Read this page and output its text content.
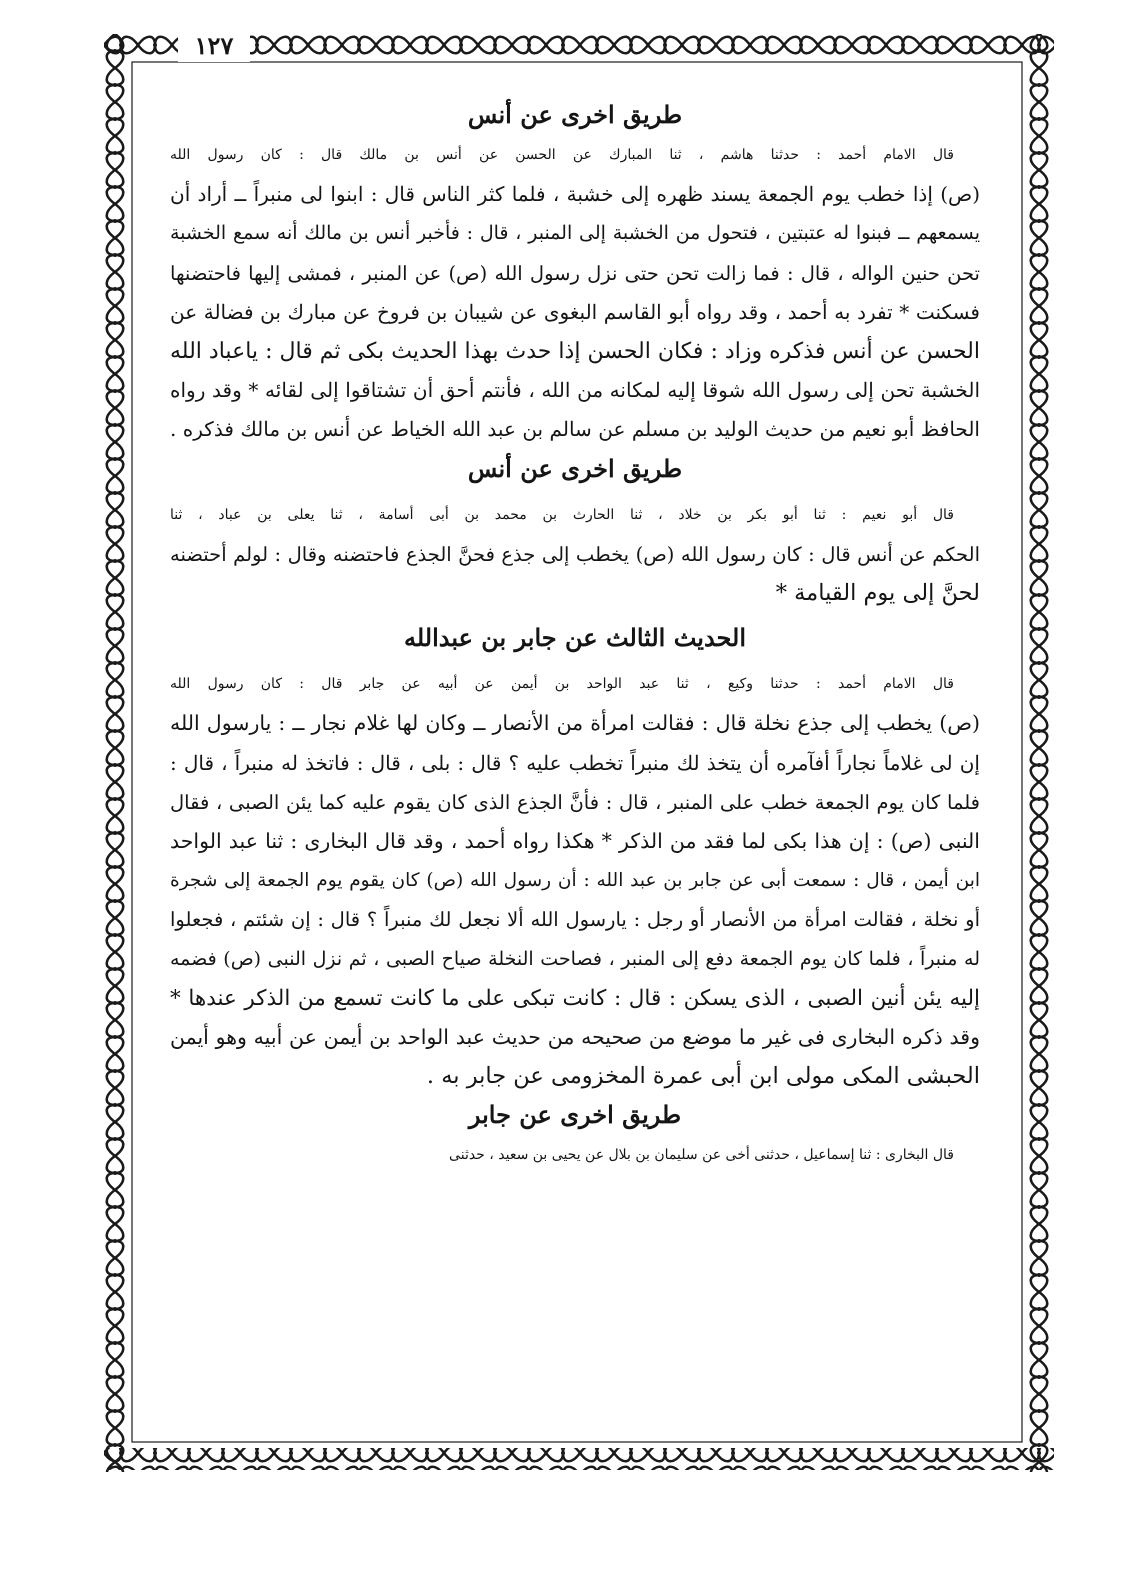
١٢٧
طريق اخرى عن أنس

قال الامام أحمد : حدثنا هاشم ، ثنا المبارك عن الحسن عن أنس بن مالك قال : كان رسول الله
(ص) إذا خطب يوم الجمعة يسند ظهره إلى خشبة ، فلما كثر الناس قال : ابنوا لى منبراً ــ أراد أن
يسمعهم ــ فبنوا له عتبتين ، فتحول من الخشبة إلى المنبر ، قال : فأخبر أنس بن مالك أنه سمع الخشبة
تحن حنين الواله ، قال : فما زالت تحن حتى نزل رسول الله (ص) عن المنبر ، فمشى إليها فاحتضنها
فسكنت * تفرد به أحمد ، وقد رواه أبو القاسم البغوى عن شيبان بن فروخ عن مبارك بن فضالة عن
الحسن عن أنس فذكره وزاد : فكان الحسن إذا حدث بهذا الحديث بكى ثم قال : ياعباد الله
الخشبة تحن إلى رسول الله شوقا إليه لمكانه من الله ، فأنتم أحق أن تشتاقوا إلى لقائه * وقد رواه
الحافظ أبو نعيم من حديث الوليد بن مسلم عن سالم بن عبد الله الخياط عن أنس بن مالك فذكره .

طريق اخرى عن أنس

قال أبو نعيم : ثنا أبو بكر بن خلاد ، ثنا الحارث بن محمد بن أبى أسامة ، ثنا يعلى بن عباد ، ثنا
الحكم عن أنس قال : كان رسول الله (ص) يخطب إلى جذع فحنَّ الجذع فاحتضنه وقال : لولم أحتضنه
لحنَّ إلى يوم القيامة *

الحديث الثالث عن جابر بن عبدالله

قال الامام أحمد : حدثنا وكيع ، ثنا عبد الواحد بن أيمن عن أبيه عن جابر قال : كان رسول الله
(ص) يخطب إلى جذع نخلة قال : فقالت امرأة من الأنصار ــ وكان لها غلام نجار ــ : يارسول الله
إن لى غلاماً نجاراً أفآمره أن يتخذ لك منبراً تخطب عليه ؟ قال : بلى ، قال : فاتخذ له منبراً ، قال :
فلما كان يوم الجمعة خطب على المنبر ، قال : فأنَّ الجذع الذى كان يقوم عليه كما يئن الصبى ، فقال
النبى (ص) : إن هذا بكى لما فقد من الذكر * هكذا رواه أحمد ، وقد قال البخارى : ثنا عبد الواحد
ابن أيمن ، قال : سمعت أبى عن جابر بن عبد الله : أن رسول الله (ص) كان يقوم يوم الجمعة إلى شجرة
أو نخلة ، فقالت امرأة من الأنصار أو رجل : يارسول الله ألا نجعل لك منبراً ؟ قال : إن شئتم ، فجعلوا
له منبراً ، فلما كان يوم الجمعة دفع إلى المنبر ، فصاحت النخلة صياح الصبى ، ثم نزل النبى (ص) فضمه
إليه يئن أنين الصبى ، الذى يسكن : قال : كانت تبكى على ما كانت تسمع من الذكر عندها *
وقد ذكره البخارى فى غير ما موضع من صحيحه من حديث عبد الواحد بن أيمن عن أبيه وهو أيمن
الحبشى المكى مولى ابن أبى عمرة المخزومى عن جابر به .

طريق اخرى عن جابر

قال البخارى : ثنا إسماعيل ، حدثنى أخى عن سليمان بن بلال عن يحيى بن سعيد ، حدثنى
